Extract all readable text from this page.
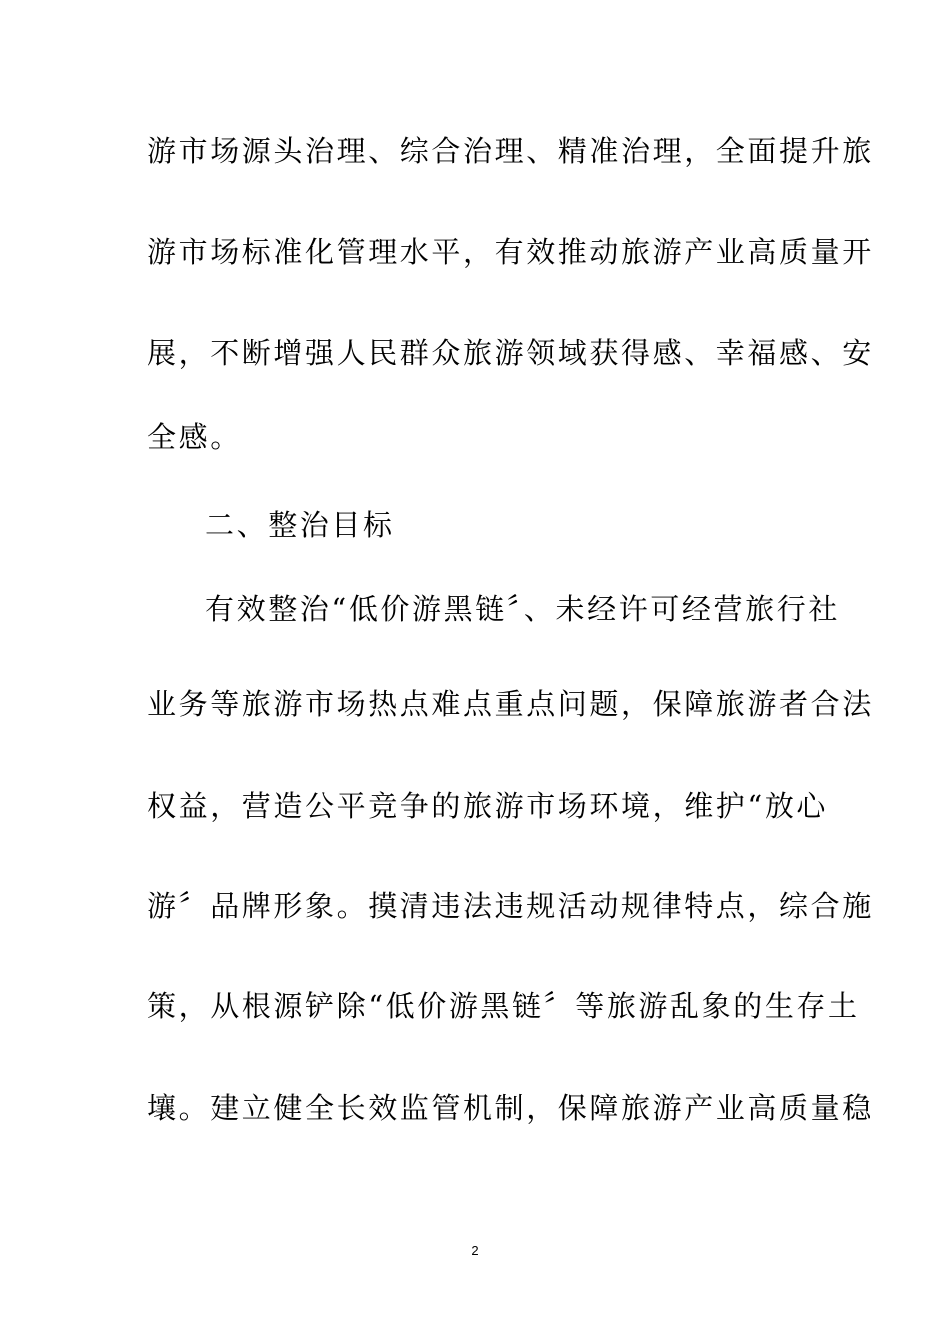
游市场源头治理、综合治理、精准治理，全面提升旅
游市场标准化管理水平，有效推动旅游产业高质量开
展，不断增强人民群众旅游领域获得感、幸福感、安
全感。
二、整治目标
有效整治“低价游黑链〞、未经许可经营旅行社
业务等旅游市场热点难点重点问题，保障旅游者合法
权益，营造公平竞争的旅游市场环境，维护“放心
游〞品牌形象。摸清违法违规活动规律特点，综合施
策，从根源铲除“低价游黑链〞等旅游乱象的生存土
壤。建立健全长效监管机制，保障旅游产业高质量稳
2
